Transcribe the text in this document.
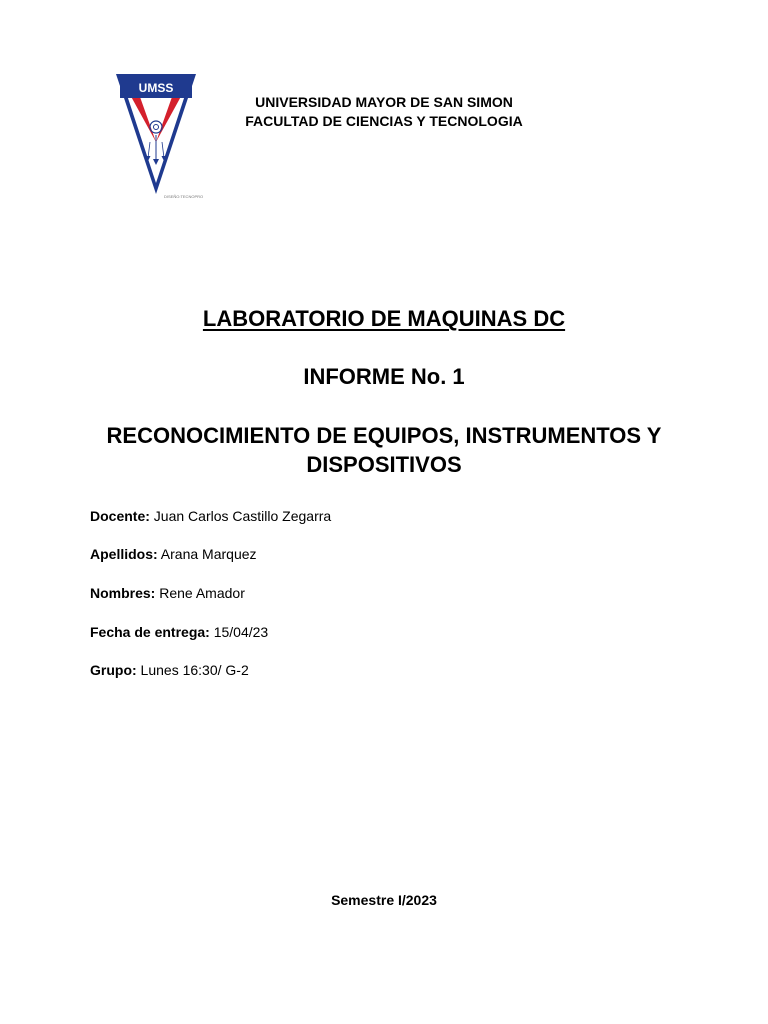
UMSS
DISEÑO:TECNOPRO
UNIVERSIDAD MAYOR DE SAN SIMON
FACULTAD DE CIENCIAS Y TECNOLOGIA
LABORATORIO DE MAQUINAS DC
INFORME No. 1
RECONOCIMIENTO DE EQUIPOS, INSTRUMENTOS Y DISPOSITIVOS
Docente: Juan Carlos Castillo Zegarra
Apellidos: Arana Marquez
Nombres: Rene Amador
Fecha de entrega: 15/04/23
Grupo: Lunes 16:30/ G-2
Semestre I/2023
